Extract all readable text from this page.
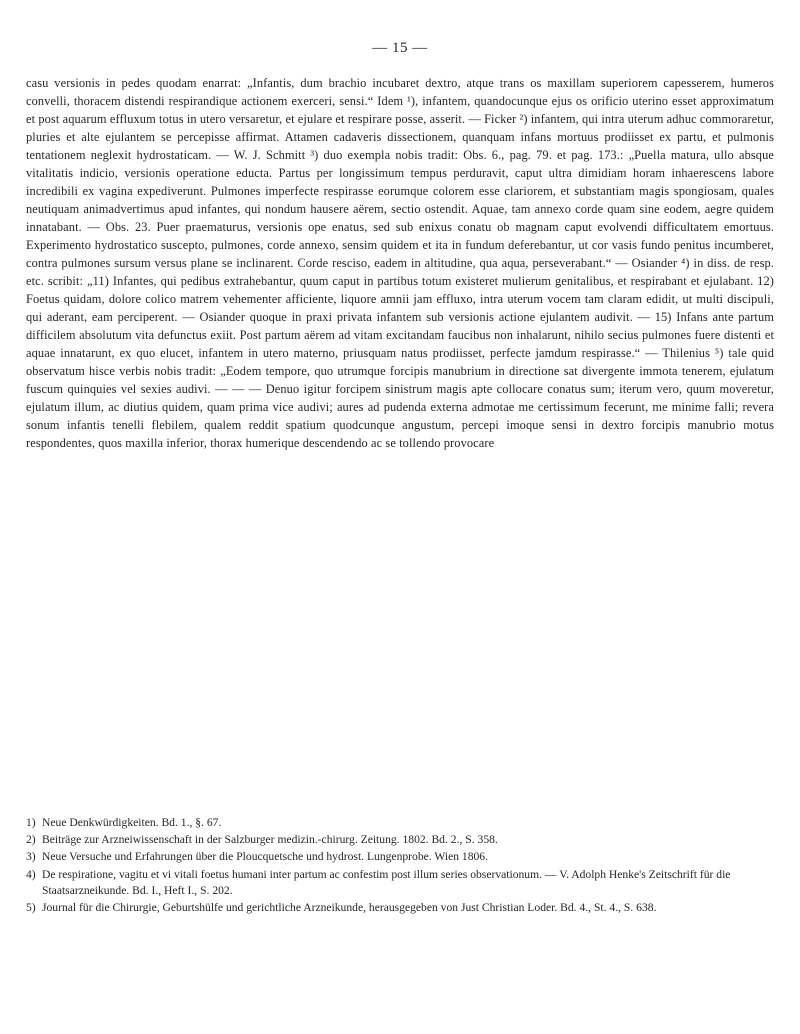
— 15 —

casu versionis in pedes quodam enarrat: „Infantis, dum brachio incubaret dextro, atque trans os maxillam superiorem capesserem, humeros convelli, thoracem distendi respirandique actionem exerceri, sensi.“ Idem ¹), infantem, quandocunque ejus os orificio uterino esset approximatum et post aquarum effluxum totus in utero versaretur, et ejulare et respirare posse, asserit. — Ficker ²) infantem, qui intra uterum adhuc commoraretur, pluries et alte ejulantem se percepisse affirmat. Attamen cadaveris dissectionem, quanquam infans mortuus prodiisset ex partu, et pulmonis tentationem neglexit hydrostaticam. — W. J. Schmitt ³) duo exempla nobis tradit: Obs. 6., pag. 79. et pag. 173.: „Puella matura, ullo absque vitalitatis indicio, versionis operatione educta. Partus per longissimum tempus perduravit, caput ultra dimidiam horam inhaerescens labore incredibili ex vagina expediverunt. Pulmones imperfecte respirasse eorumque colorem esse clariorem, et substantiam magis spongiosam, quales neutiquam animadvertimus apud infantes, qui nondum hausere aërem, sectio ostendit. Aquae, tam annexo corde quam sine eodem, aegre quidem innatabant. — Obs. 23. Puer praematurus, versionis ope enatus, sed sub enixus conatu ob magnam caput evolvendi difficultatem emortuus. Experimento hydrostatico suscepto, pulmones, corde annexo, sensim quidem et ita in fundum deferebantur, ut cor vasis fundo penitus incumberet, contra pulmones sursum versus plane se inclinarent. Corde resciso, eadem in altitudine, qua aqua, perseverabant.“ — Osiander ⁴) in diss. de resp. etc. scribit: „11) Infantes, qui pedibus extrahebantur, quum caput in partibus totum existeret mulierum genitalibus, et respirabant et ejulabant. 12) Foetus quidam, dolore colico matrem vehementer afficiente, liquore amnii jam effluxo, intra uterum vocem tam claram edidit, ut multi discipuli, qui aderant, eam perciperent. — Osiander quoque in praxi privata infantem sub versionis actione ejulantem audivit. — 15) Infans ante partum difficilem absolutum vita defunctus exiit. Post partum aërem ad vitam excitandam faucibus non inhalarunt, nihilo secius pulmones fuere distenti et aquae innatarunt, ex quo elucet, infantem in utero materno, priusquam natus prodiisset, perfecte jamdum respirasse.“ — Thilenius ⁵) tale quid observatum hisce verbis nobis tradit: „Eodem tempore, quo utrumque forcipis manubrium in directione sat divergente immota tenerem, ejulatum fuscum quinquies vel sexies audivi. — — — Denuo igitur forcipem sinistrum magis apte collocare conatus sum; iterum vero, quum moveretur, ejulatum illum, ac diutius quidem, quam prima vice audivi; aures ad pudenda externa admotae me certissimum fecerunt, me minime falli; revera sonum infantis tenelli flebilem, qualem reddit spatium quodcunque angustum, percepi imoque sensi in dextro forcipis manubrio motus respondentes, quos maxilla inferior, thorax humerique descendendo ac se tollendo provocare

1) Neue Denkwürdigkeiten. Bd. 1., §. 67.
2) Beiträge zur Arzneiwissenschaft in der Salzburger medizin.-chirurg. Zeitung. 1802. Bd. 2., S. 358.
3) Neue Versuche und Erfahrungen über die Ploucquetsche und hydrost. Lungenprobe. Wien 1806.
4) De respiratione, vagitu et vi vitali foetus humani inter partum ac confestim post illum series observationum. — V. Adolph Henke's Zeitschrift für die Staatsarzneikunde. Bd. I., Heft I., S. 202.
5) Journal für die Chirurgie, Geburtshülfe und gerichtliche Arzneikunde, herausgegeben von Just Christian Loder. Bd. 4., St. 4., S. 638.
